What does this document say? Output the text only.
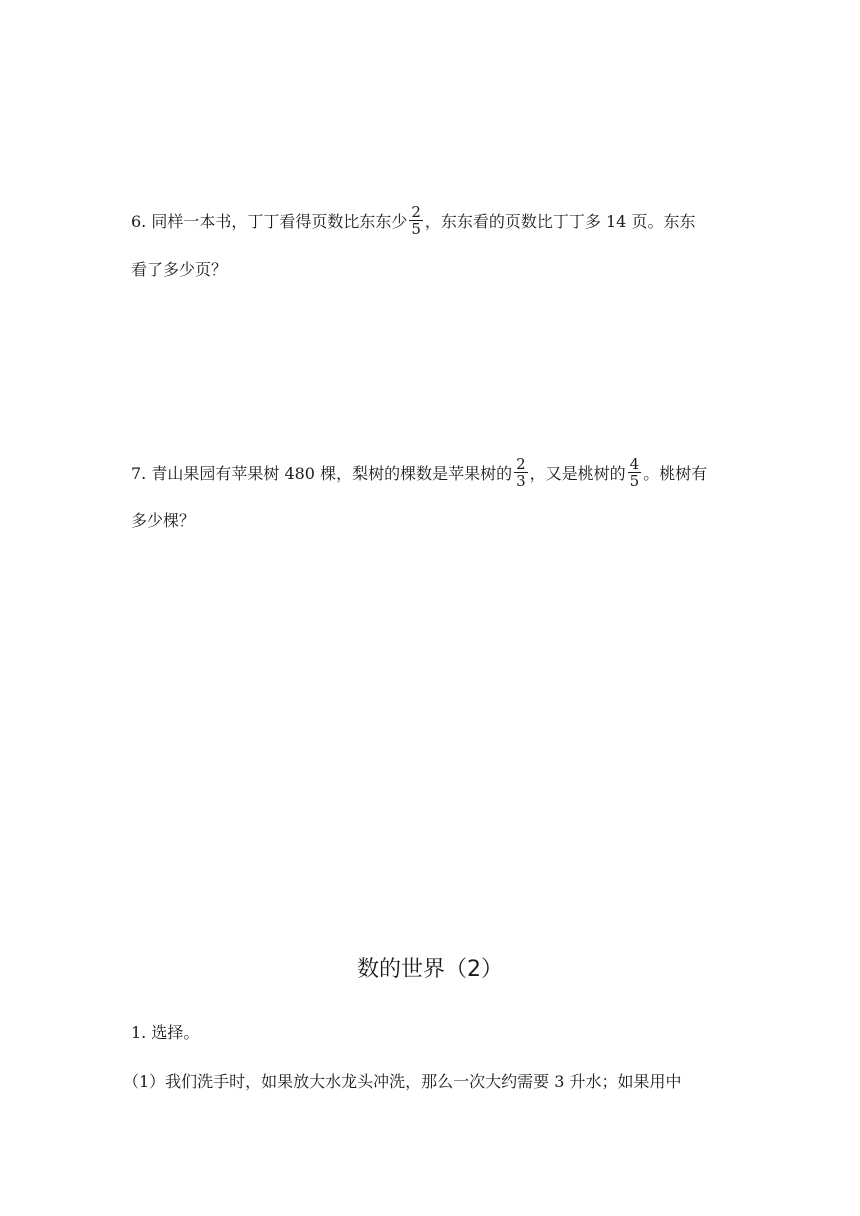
6. 同样一本书，丁丁看得页数比东东少 $\frac{2}{5}$ ，东东看的页数比丁丁多 14 页。东东
看了多少页？
7. 青山果园有苹果树 480 棵，梨树的棵数是苹果树的 $\frac{2}{3}$ ，又是桃树的 $\frac{4}{5}$ 。桃树有
多少棵？
数的世界（2）
1. 选择。
（1）我们洗手时，如果放大水龙头冲洗，那么一次大约需要 3 升水；如果用中
